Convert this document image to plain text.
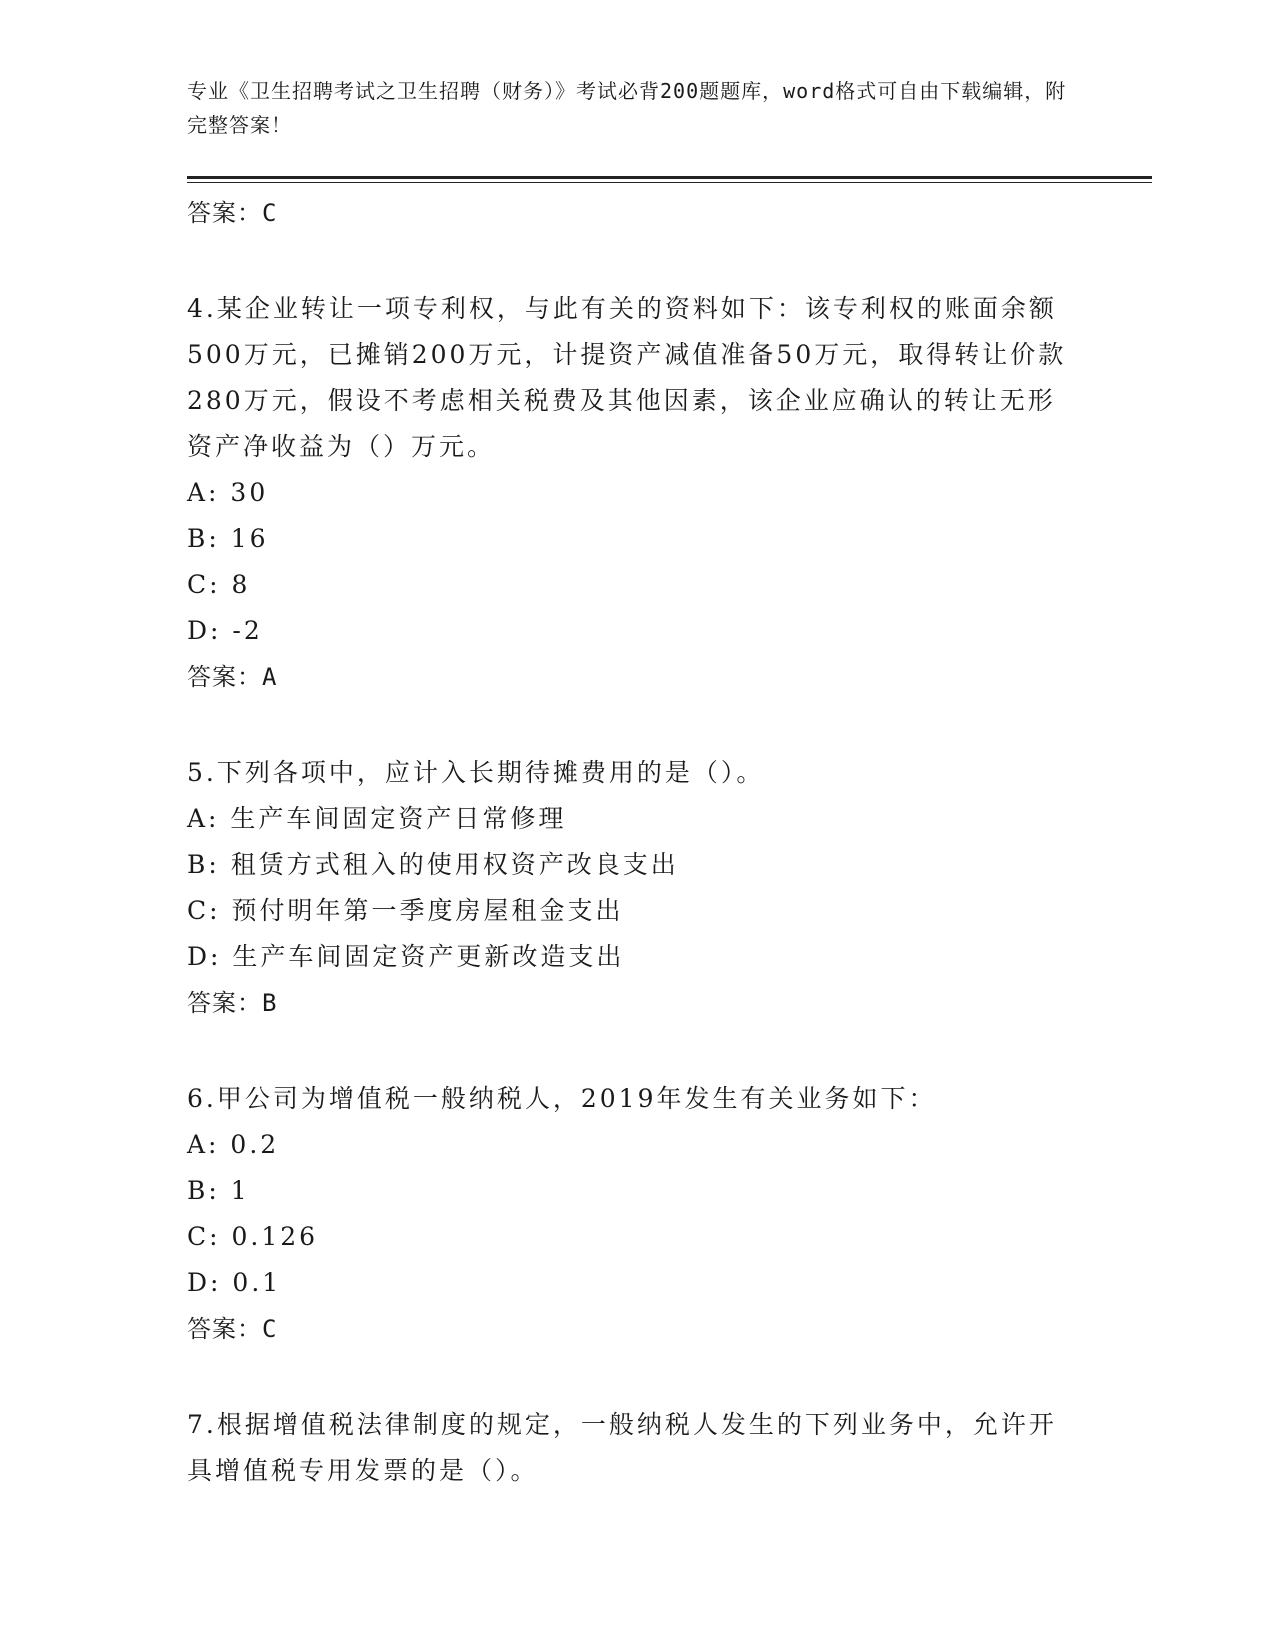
专业《卫生招聘考试之卫生招聘（财务）》考试必背200题题库，word格式可自由下载编辑，附完整答案！

答案：C

4.某企业转让一项专利权，与此有关的资料如下：该专利权的账面余额500万元，已摊销200万元，计提资产减值准备50万元，取得转让价款280万元，假设不考虑相关税费及其他因素，该企业应确认的转让无形资产净收益为（）万元。

A: 30

B: 16

C: 8

D: -2

答案：A

5.下列各项中，应计入长期待摊费用的是（）。

A: 生产车间固定资产日常修理

B: 租赁方式租入的使用权资产改良支出

C: 预付明年第一季度房屋租金支出

D: 生产车间固定资产更新改造支出

答案：B

6.甲公司为增值税一般纳税人，2019年发生有关业务如下：

A: 0.2

B: 1

C: 0.126

D: 0.1

答案：C

7.根据增值税法律制度的规定，一般纳税人发生的下列业务中，允许开具增值税专用发票的是（）。
